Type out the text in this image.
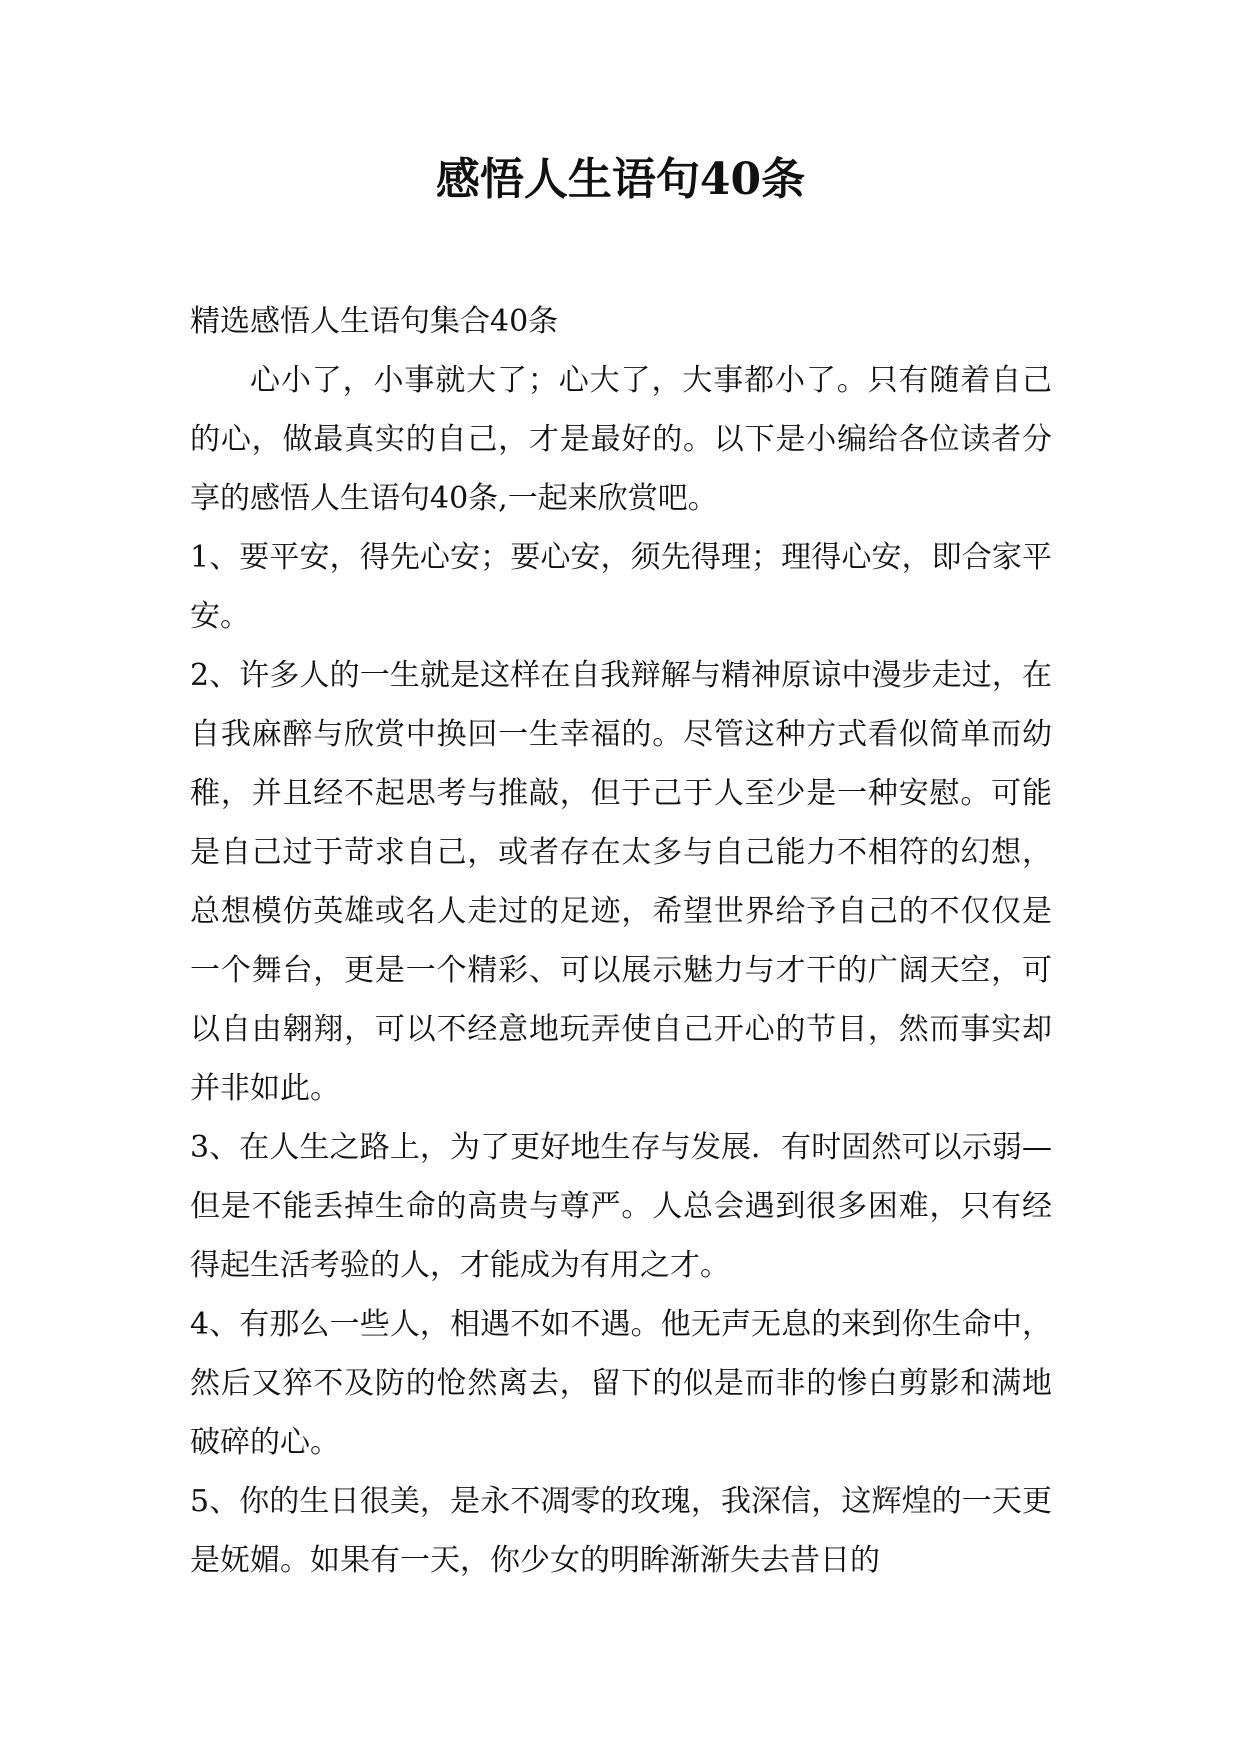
感悟人生语句40条

精选感悟人生语句集合40条

心小了，小事就大了；心大了，大事都小了。只有随着自己的心，做最真实的自己，才是最好的。以下是小编给各位读者分享的感悟人生语句40条,一起来欣赏吧。

1、要平安，得先心安；要心安，须先得理；理得心安，即合家平安。

2、许多人的一生就是这样在自我辩解与精神原谅中漫步走过，在自我麻醉与欣赏中换回一生幸福的。尽管这种方式看似简单而幼稚，并且经不起思考与推敲，但于己于人至少是一种安慰。可能是自己过于苛求自己，或者存在太多与自己能力不相符的幻想，总想模仿英雄或名人走过的足迹，希望世界给予自己的不仅仅是一个舞台，更是一个精彩、可以展示魅力与才干的广阔天空，可以自由翱翔，可以不经意地玩弄使自己开心的节目，然而事实却并非如此。

3、在人生之路上，为了更好地生存与发展．有时固然可以示弱—但是不能丢掉生命的高贵与尊严。人总会遇到很多困难，只有经得起生活考验的人，才能成为有用之才。

4、有那么一些人，相遇不如不遇。他无声无息的来到你生命中，然后又猝不及防的怆然离去，留下的似是而非的惨白剪影和满地破碎的心。

5、你的生日很美，是永不凋零的玫瑰，我深信，这辉煌的一天更是妩媚。如果有一天，你少女的明眸渐渐失去昔日的
